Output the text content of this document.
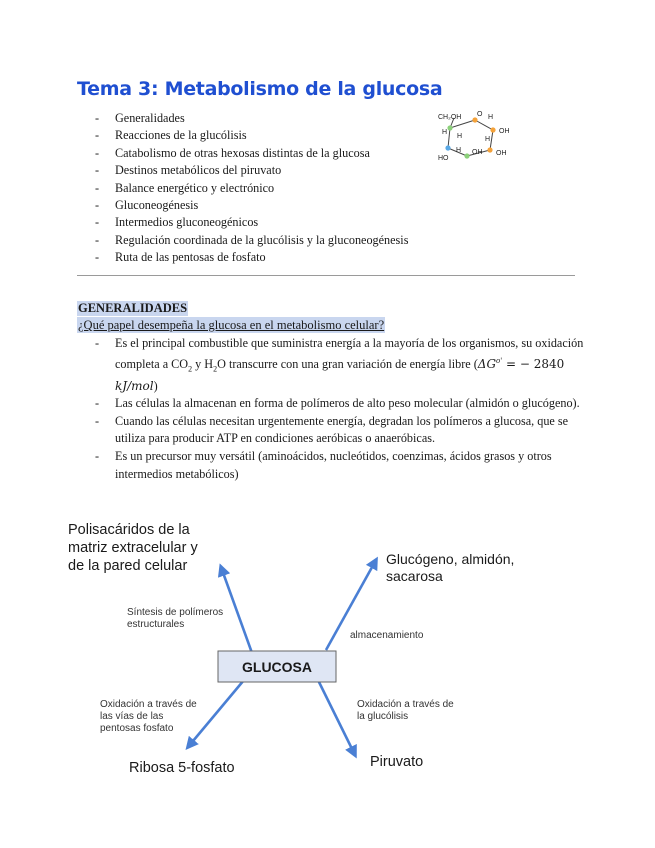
Tema 3: Metabolismo de la glucosa
- Generalidades
- Reacciones de la glucólisis
- Catabolismo de otras hexosas distintas de la glucosa
- Destinos metabólicos del piruvato
- Balance energético y electrónico
- Gluconeogénesis
- Intermedios gluconeogénicos
- Regulación coordinada de la glucólisis y la gluconeogénesis
- Ruta de las pentosas de fosfato
CH₂OH	H
O
H
H
OH
H
OH
HO
H OH

GENERALIDADES

¿Qué papel desempeña la glucosa en el metabolismo celular?

- Es el principal combustible que suministra energía a la mayoría de los organismos, su oxidación completa a $CO_2$ y $H_2O$ transcurre con una gran variación de energía libre ($\Delta G^{o'}$ = − 2840 kJ/mol)
- Las células la almacenan en forma de polímeros de alto peso molecular (almidón o glucógeno).
- Cuando las células necesitan urgentemente energía, degradan los polímeros a glucosa, que se utiliza para producir ATP en condiciones aeróbicas o anaeróbicas.
- Es un precursor muy versátil (aminoácidos, nucleótidos, coenzimas, ácidos grasos y otros intermedios metabólicos)
GLUCOSA
Polisacáridos de la matriz extracelular y de la pared celular
Síntesis de polímeros estructurales
Glucógeno, almidón, sacarosa
almacenamiento
Oxidación a través de las vías de las pentosas fosfato
Oxidación a través de la glucólisis
Ribosa 5-fosfato	Piruvato
